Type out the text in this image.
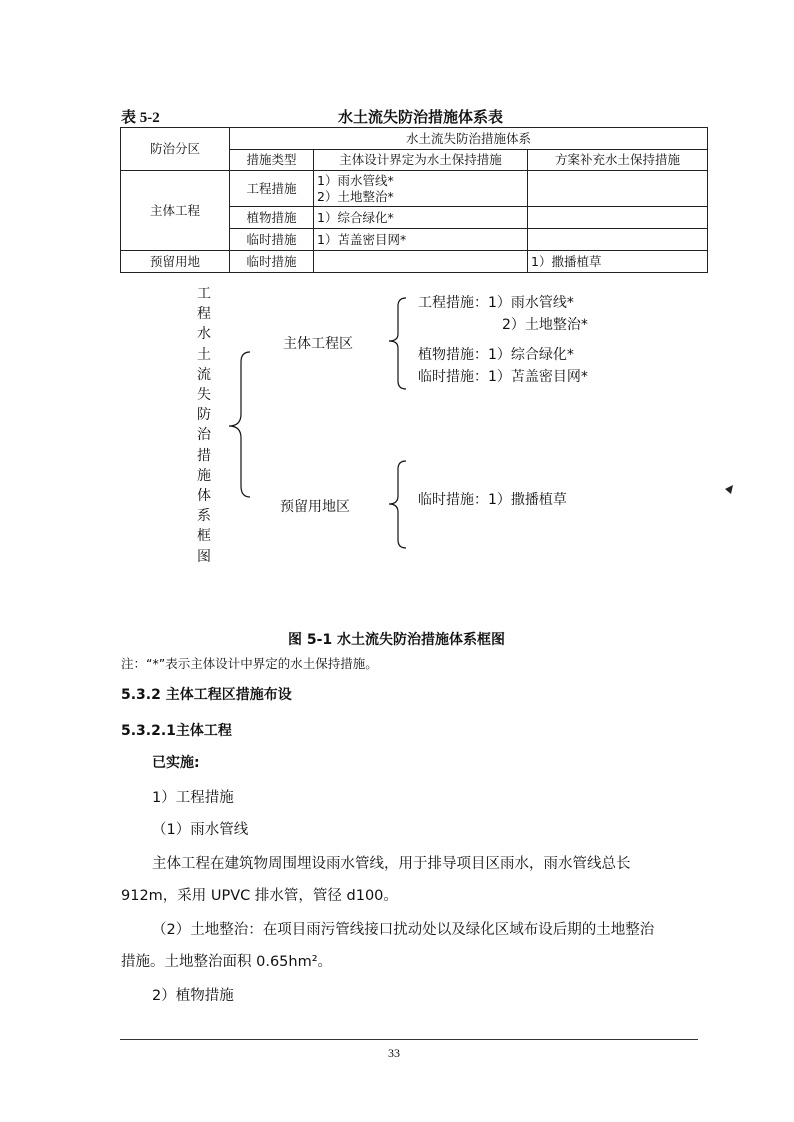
表 5-2	水土流失防治措施体系表
防治分区	水土流失防治措施体系		
	措施类型	主体设计界定为水土保持措施	方案补充水土保持措施
主体工程	工程措施	1）雨水管线*
2）土地整治*	

	植物措施	1）综合绿化*	
	临时措施	1）苫盖密目网*	
预留用地	临时措施		1）撒播植草
工程水土流失防治措施体系框图
主体工程区
预留用地区
工程措施：1）雨水管线*
2）土地整治*
植物措施：1）综合绿化*
临时措施：1）苫盖密目网*
临时措施：1）撒播植草
图 5-1 水土流失防治措施体系框图
注：“*”表示主体设计中界定的水土保持措施。
5.3.2 主体工程区措施布设
5.3.2.1主体工程
已实施:
1）工程措施
（1）雨水管线
主体工程在建筑物周围埋设雨水管线，用于排导项目区雨水，雨水管线总长
912m，采用 UPVC 排水管，管径 d100。
（2）土地整治：在项目雨污管线接口扰动处以及绿化区域布设后期的土地整治
措施。土地整治面积 0.65hm²。
2）植物措施
33
